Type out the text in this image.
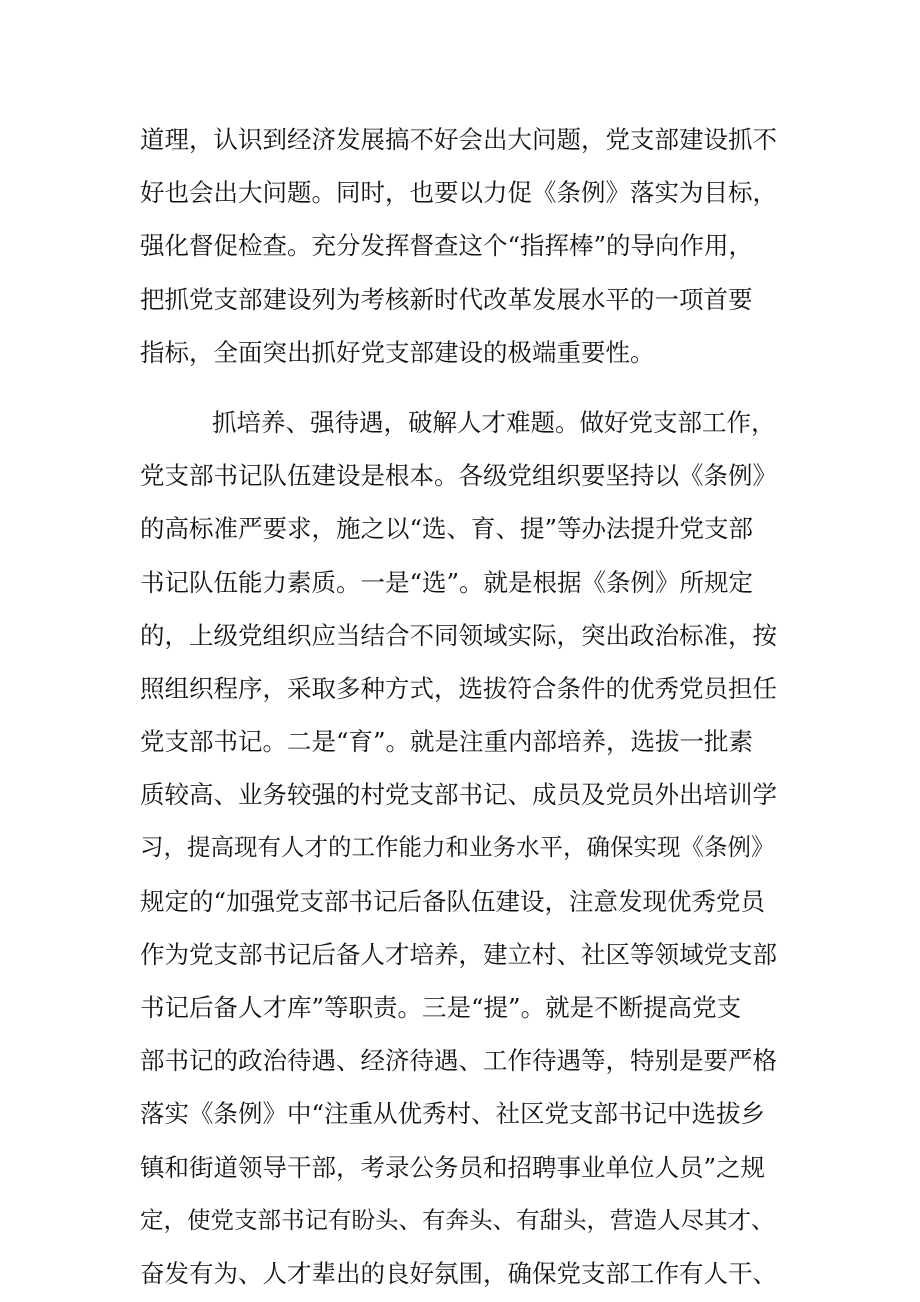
道理，认识到经济发展搞不好会出大问题，党支部建设抓不
好也会出大问题。同时，也要以力促《条例》落实为目标，
强化督促检查。充分发挥督查这个“指挥棒”的导向作用，
把抓党支部建设列为考核新时代改革发展水平的一项首要
指标，全面突出抓好党支部建设的极端重要性。

抓培养、强待遇，破解人才难题。做好党支部工作，
党支部书记队伍建设是根本。各级党组织要坚持以《条例》
的高标准严要求，施之以“选、育、提”等办法提升党支部
书记队伍能力素质。一是“选”。就是根据《条例》所规定
的，上级党组织应当结合不同领域实际，突出政治标准，按
照组织程序，采取多种方式，选拔符合条件的优秀党员担任
党支部书记。二是“育”。就是注重内部培养，选拔一批素
质较高、业务较强的村党支部书记、成员及党员外出培训学
习，提高现有人才的工作能力和业务水平，确保实现《条例》
规定的“加强党支部书记后备队伍建设，注意发现优秀党员
作为党支部书记后备人才培养，建立村、社区等领域党支部
书记后备人才库”等职责。三是“提”。就是不断提高党支
部书记的政治待遇、经济待遇、工作待遇等，特别是要严格
落实《条例》中“注重从优秀村、社区党支部书记中选拔乡
镇和街道领导干部，考录公务员和招聘事业单位人员”之规
定，使党支部书记有盼头、有奔头、有甜头，营造人尽其才、
奋发有为、人才辈出的良好氛围，确保党支部工作有人干、
